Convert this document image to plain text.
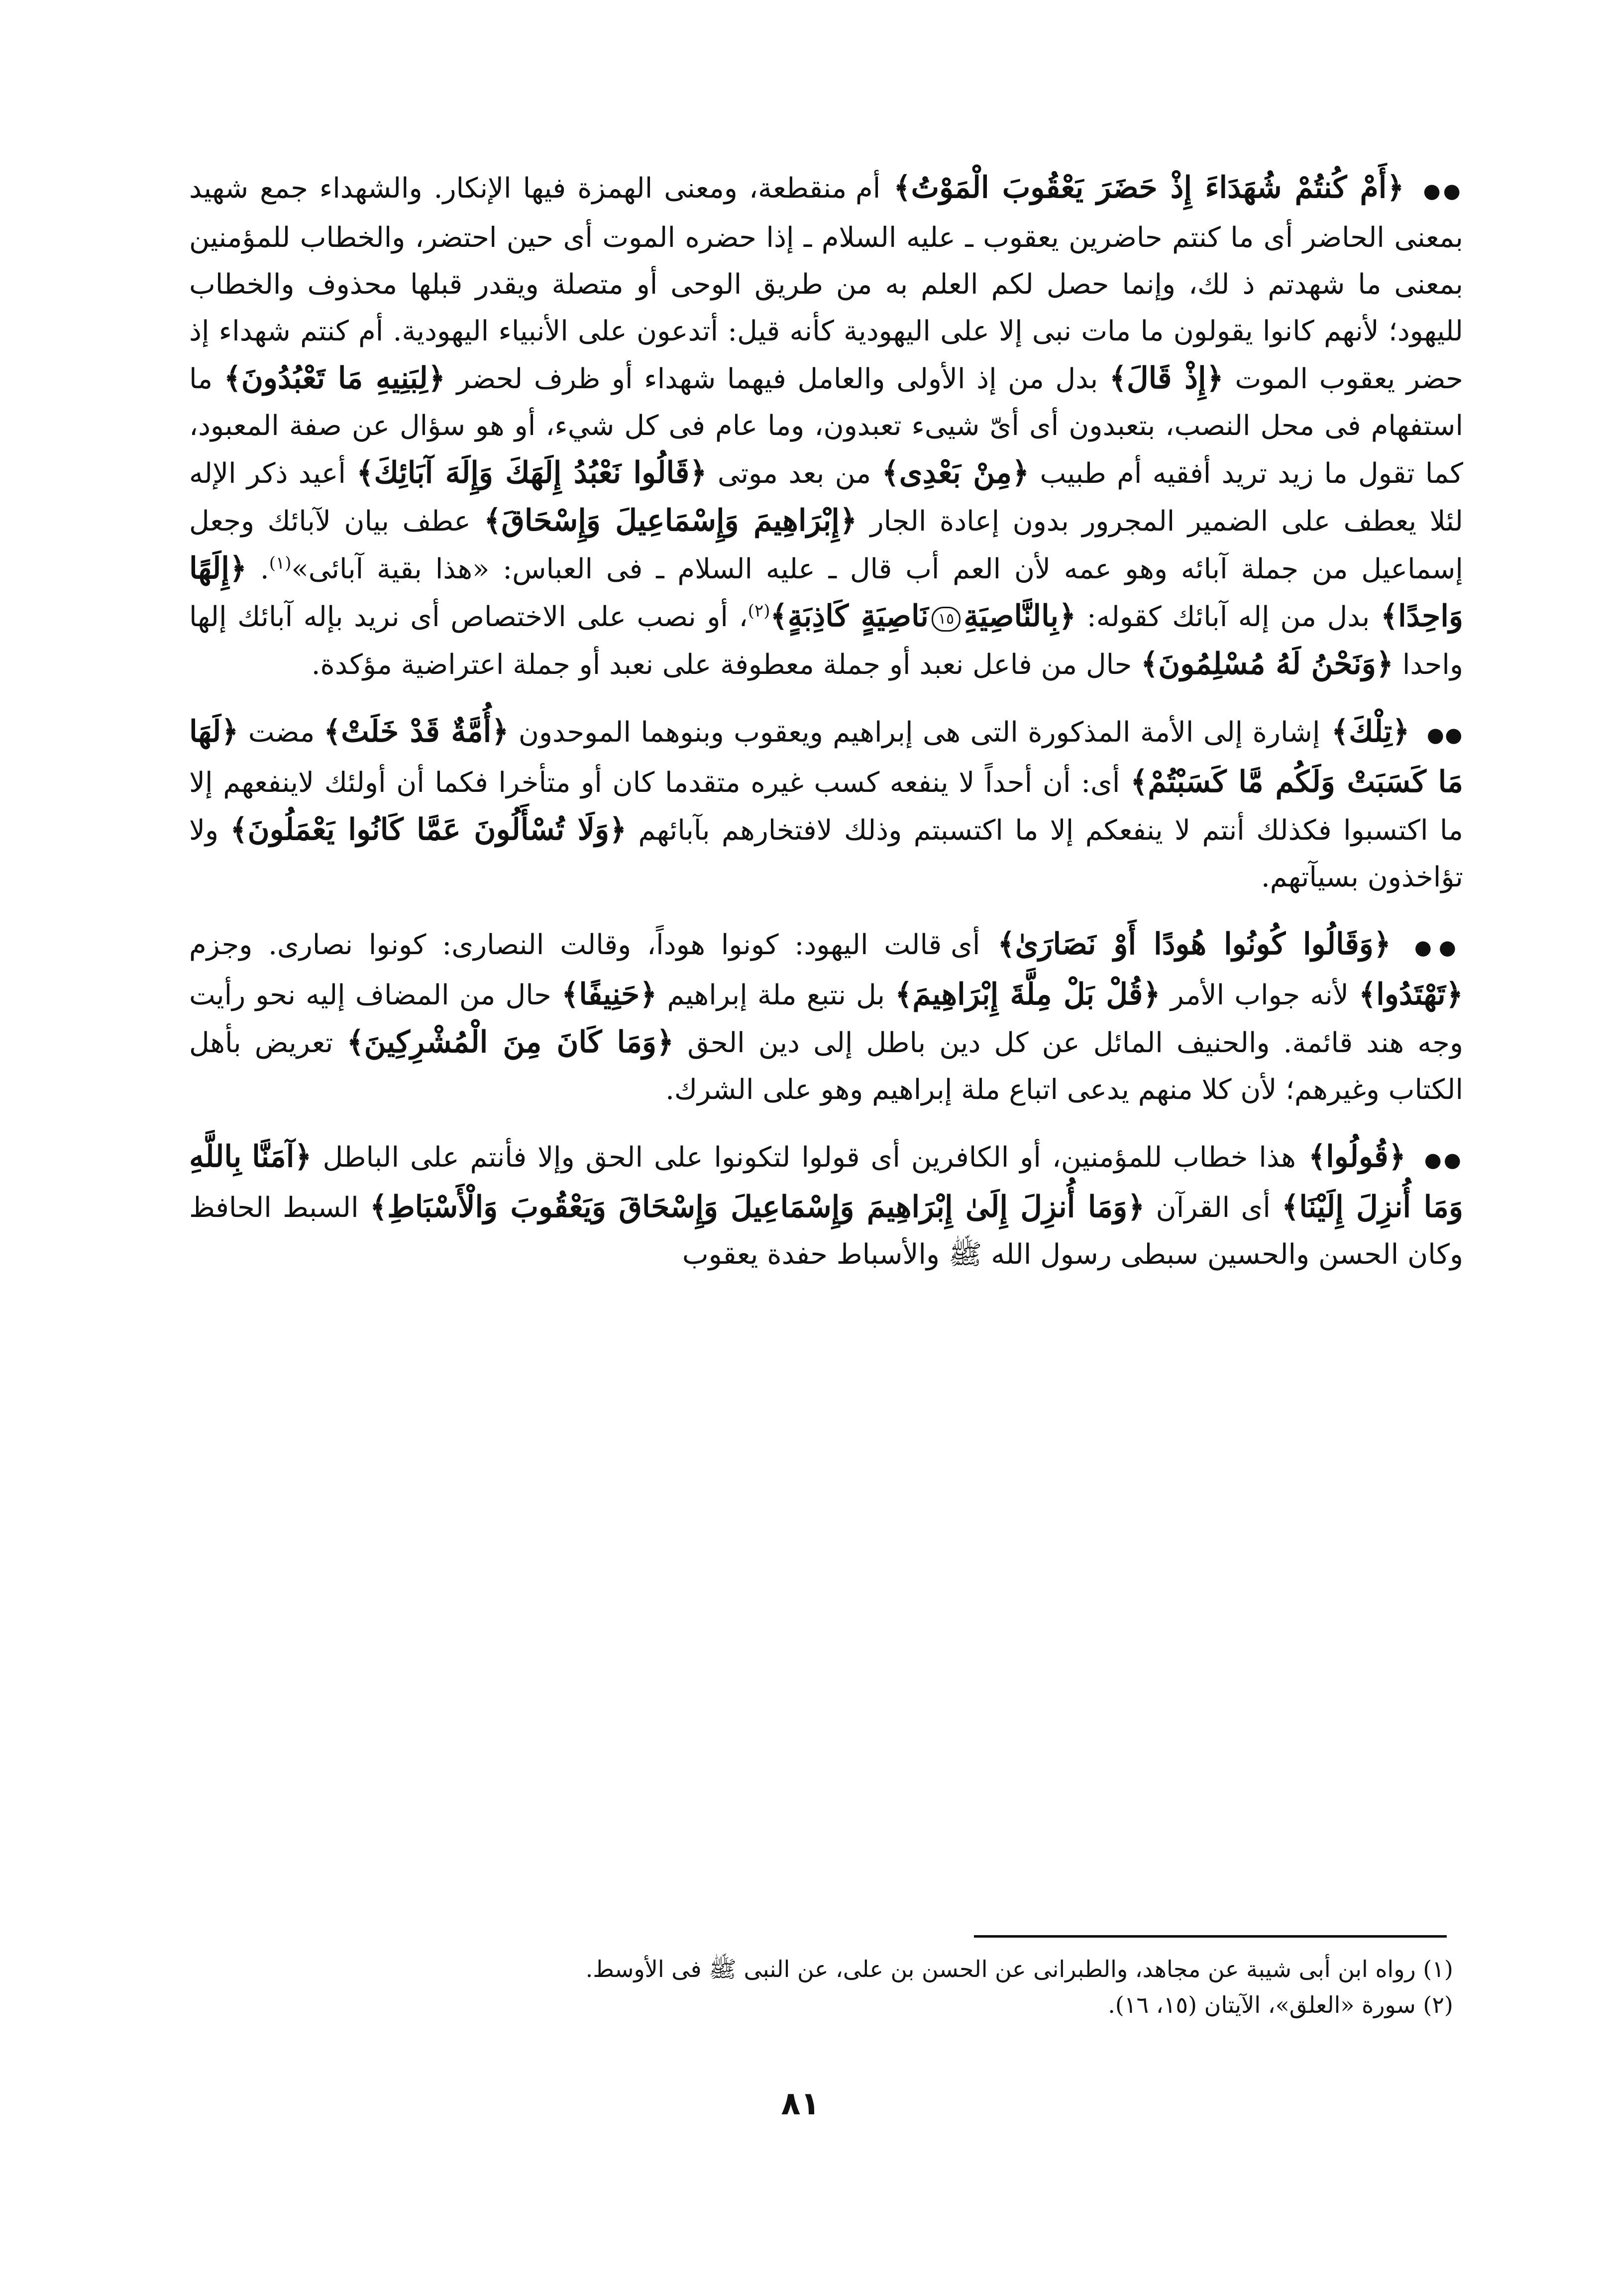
●● ﴿أَمْ كُنتُمْ شُهَدَاءَ إِذْ حَضَرَ يَعْقُوبَ الْمَوْتُ﴾ أم منقطعة، ومعنى الهمزة فيها الإنكار. والشهداء جمع شهيد بمعنى الحاضر أى ما كنتم حاضرين يعقوب ـ عليه السلام ـ إذا حضره الموت أى حين احتضر، والخطاب للمؤمنين بمعنى ما شهدتم ذ لك، وإنما حصل لكم العلم به من طريق الوحى أو متصلة ويقدر قبلها محذوف والخطاب لليهود؛ لأنهم كانوا يقولون ما مات نبى إلا على اليهودية كأنه قيل: أتدعون على الأنبياء اليهودية. أم كنتم شهداء إذ حضر يعقوب الموت ﴿إِذْ قَالَ﴾ بدل من إذ الأولى والعامل فيهما شهداء أو ظرف لحضر ﴿لِبَنِيهِ مَا تَعْبُدُونَ﴾ ما استفهام فى محل النصب، بتعبدون أى أىّ شيىء تعبدون، وما عام فى كل شيء، أو هو سؤال عن صفة المعبود، كما تقول ما زيد تريد أفقيه أم طبيب ﴿مِنْ بَعْدِى﴾ من بعد موتى ﴿قَالُوا نَعْبُدُ إِلَهَكَ وَإِلَهَ آبَائِكَ﴾ أعيد ذكر الإله لئلا يعطف على الضمير المجرور بدون إعادة الجار ﴿إِبْرَاهِيمَ وَإِسْمَاعِيلَ وَإِسْحَاقَ﴾ عطف بيان لآبائك وجعل إسماعيل من جملة آبائه وهو عمه لأن العم أب قال ـ عليه السلام ـ فى العباس: «هذا بقية آبائى»$^{(١)}$. ﴿إِلَهًا وَاحِدًا﴾ بدل من إله آبائك كقوله: ﴿بِالنَّاصِيَةِ١٥نَاصِيَةٍ كَاذِبَةٍ﴾$^{(٢)}$، أو نصب على الاختصاص أى نريد بإله آبائك إلها واحدا ﴿وَنَحْنُ لَهُ مُسْلِمُونَ﴾ حال من فاعل نعبد أو جملة معطوفة على نعبد أو جملة اعتراضية مؤكدة.

●● ﴿تِلْكَ﴾ إشارة إلى الأمة المذكورة التى هى إبراهيم ويعقوب وبنوهما الموحدون ﴿أُمَّةٌ قَدْ خَلَتْ﴾ مضت ﴿لَهَا مَا كَسَبَتْ وَلَكُم مَّا كَسَبْتُمْ﴾ أى: أن أحداً لا ينفعه كسب غيره متقدما كان أو متأخرا فكما أن أولئك لاينفعهم إلا ما اكتسبوا فكذلك أنتم لا ينفعكم إلا ما اكتسبتم وذلك لافتخارهم بآبائهم ﴿وَلَا تُسْأَلُونَ عَمَّا كَانُوا يَعْمَلُونَ﴾ ولا تؤاخذون بسيآتهم.

●● ﴿وَقَالُوا كُونُوا هُودًا أَوْ نَصَارَىٰ﴾ أى قالت اليهود: كونوا هوداً، وقالت النصارى: كونوا نصارى. وجزم ﴿تَهْتَدُوا﴾ لأنه جواب الأمر ﴿قُلْ بَلْ مِلَّةَ إِبْرَاهِيمَ﴾ بل نتبع ملة إبراهيم ﴿حَنِيفًا﴾ حال من المضاف إليه نحو رأيت وجه هند قائمة. والحنيف المائل عن كل دين باطل إلى دين الحق ﴿وَمَا كَانَ مِنَ الْمُشْرِكِينَ﴾ تعريض بأهل الكتاب وغيرهم؛ لأن كلا منهم يدعى اتباع ملة إبراهيم وهو على الشرك.

●● ﴿قُولُوا﴾ هذا خطاب للمؤمنين، أو الكافرين أى قولوا لتكونوا على الحق وإلا فأنتم على الباطل ﴿آمَنَّا بِاللَّهِ وَمَا أُنزِلَ إِلَيْنَا﴾ أى القرآن ﴿وَمَا أُنزِلَ إِلَىٰ إِبْرَاهِيمَ وَإِسْمَاعِيلَ وَإِسْحَاقَ وَيَعْقُوبَ وَالْأَسْبَاطِ﴾ السبط الحافظ وكان الحسن والحسين سبطى رسول الله ﷺ والأسباط حفدة يعقوب

(١) رواه ابن أبى شيبة عن مجاهد، والطبرانى عن الحسن بن على، عن النبى ﷺ فى الأوسط.

(٢) سورة «العلق»، الآيتان (١٥، ١٦).

٨١
